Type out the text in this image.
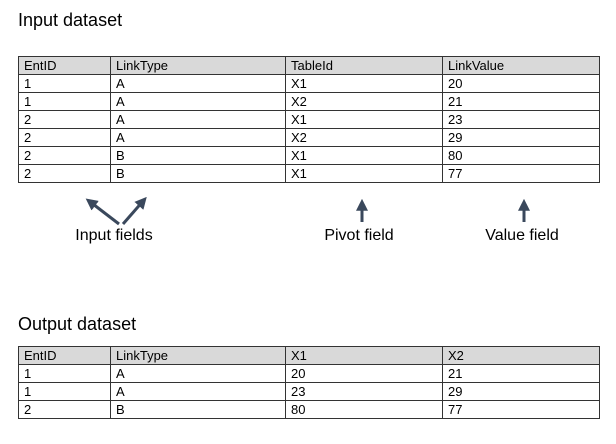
Input dataset
EntID	LinkType	TableId	LinkValue
1	A	X1	20
1	A	X2	21
2	A	X1	23
2	A	X2	29
2	B	X1	80
2	B	X1	77
Input fields	Pivot field	Value field
Output dataset
EntID	LinkType	X1	X2
1	A	20	21
1	A	23	29
2	B	80	77
